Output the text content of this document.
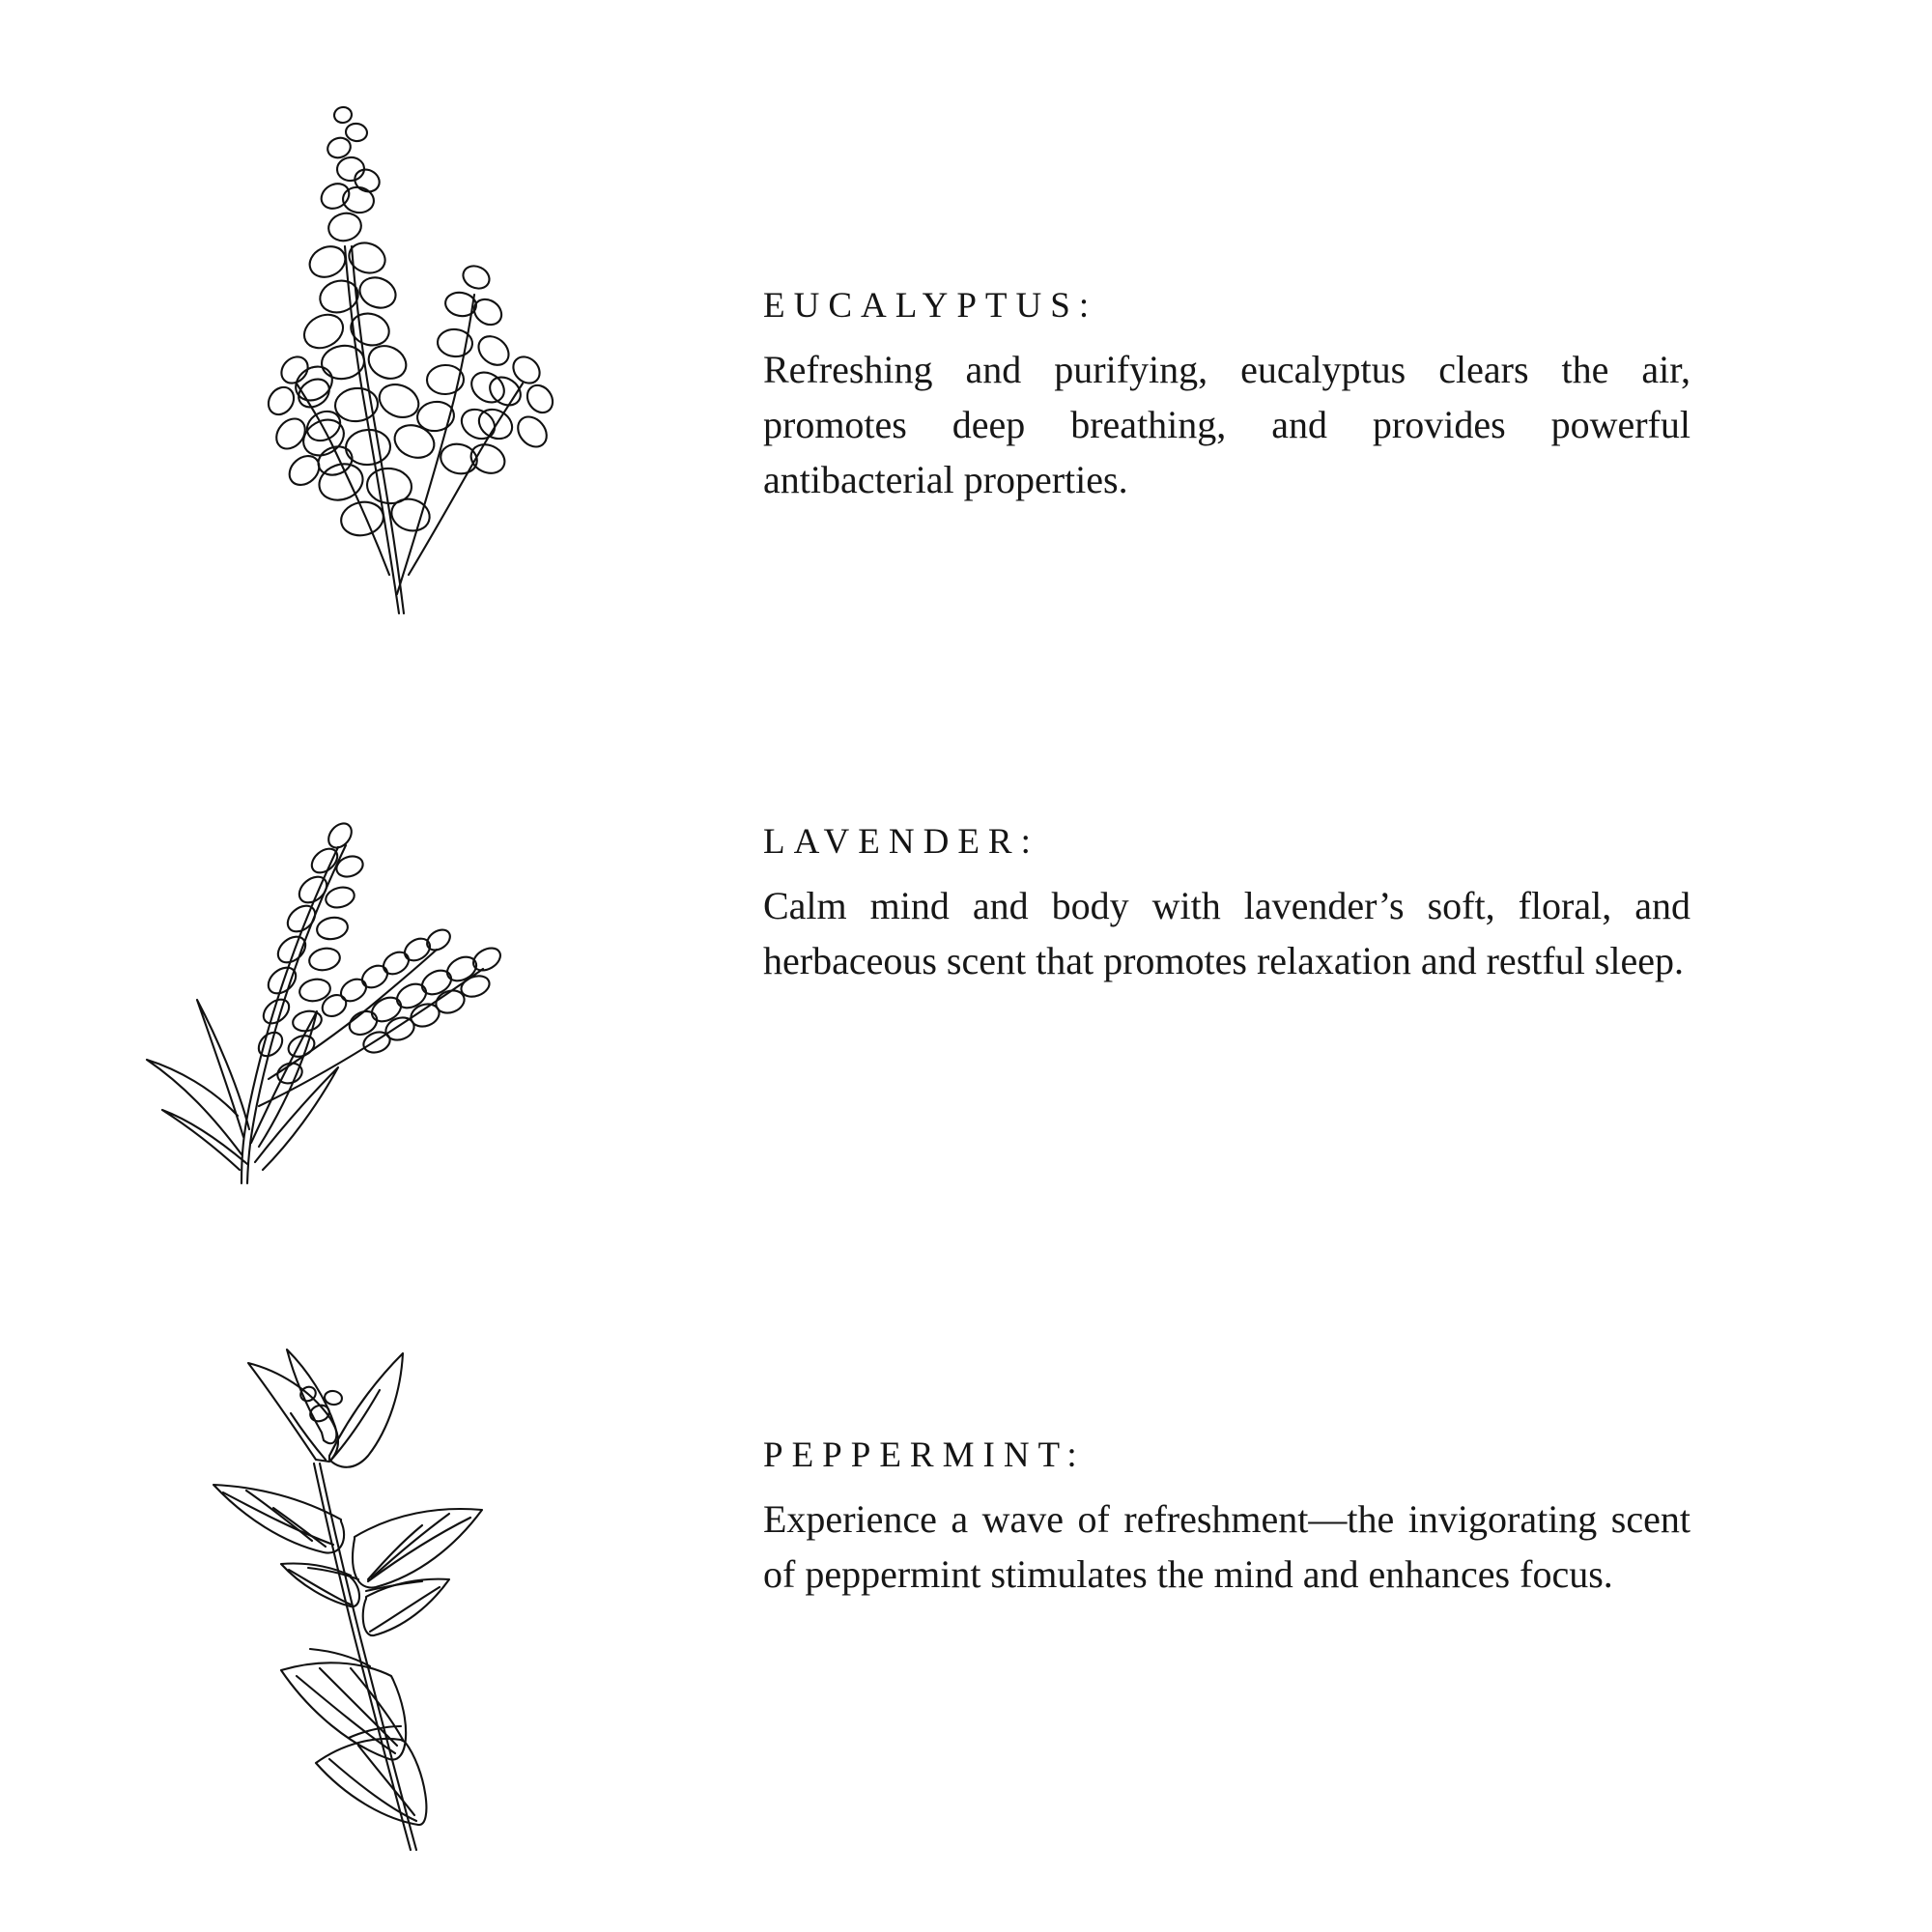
EUCALYPTUS:

Refreshing and purifying, eucalyptus clears the air, promotes deep breathing, and provides powerful antibacterial properties.

LAVENDER:

Calm mind and body with lavender’s soft, floral, and herbaceous scent that promotes relaxation and restful sleep.

PEPPERMINT:

Experience a wave of refreshment—the invigorating scent of peppermint stimulates the mind and enhances focus.
